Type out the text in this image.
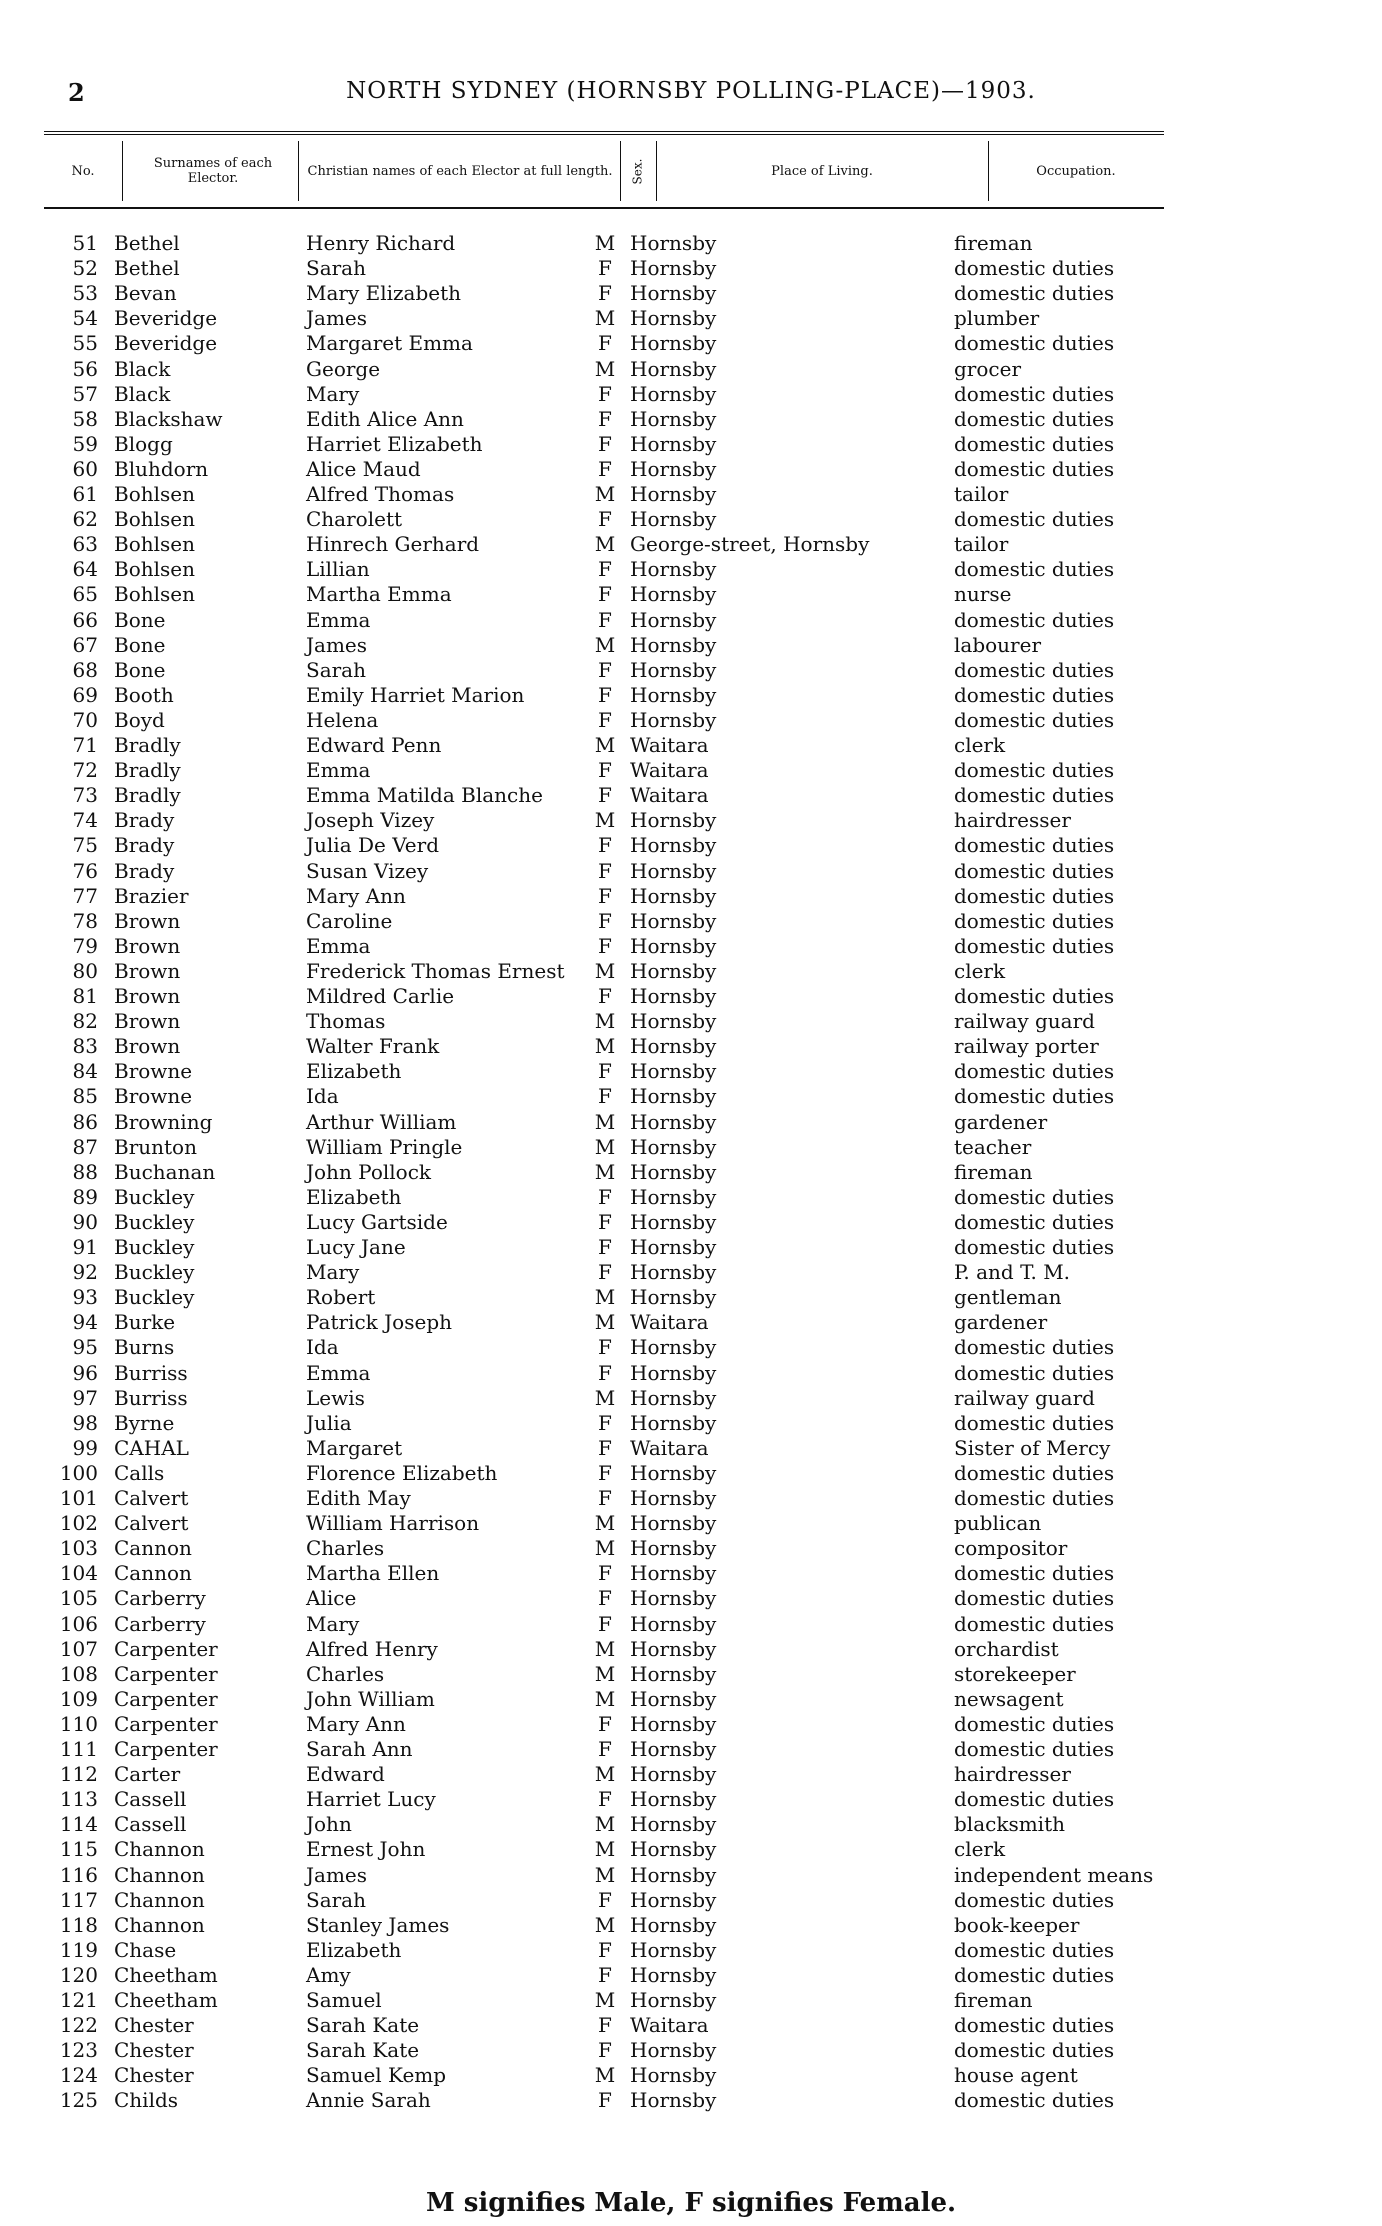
2	NORTH SYDNEY (HORNSBY POLLING-PLACE)—1903.
No.	Surnames of each Elector.	Christian names of each Elector at full length. Sex.	Place of Living.	Occupation.
51 Bethel	Henry Richard	M Hornsby	fireman
52 Bethel	Sarah	F Hornsby	domestic duties
53 Bevan	Mary Elizabeth	F Hornsby	domestic duties
54 Beveridge	James	M Hornsby	plumber
55 Beveridge	Margaret Emma	F Hornsby	domestic duties
56 Black	George	M Hornsby	grocer
57 Black	Mary	F Hornsby	domestic duties
58 Blackshaw	Edith Alice Ann	F Hornsby	domestic duties
59 Blogg	Harriet Elizabeth	F Hornsby	domestic duties
60 Bluhdorn	Alice Maud	F Hornsby	domestic duties
61 Bohlsen	Alfred Thomas	M Hornsby	tailor
62 Bohlsen	Charolett	F Hornsby	domestic duties
63 Bohlsen	Hinrech Gerhard	M George-street, Hornsby	tailor
64 Bohlsen	Lillian	F Hornsby	domestic duties
65 Bohlsen	Martha Emma	F Hornsby	nurse
66 Bone	Emma	F Hornsby	domestic duties
67 Bone	James	M Hornsby	labourer
68 Bone	Sarah	F Hornsby	domestic duties
69 Booth	Emily Harriet Marion	F Hornsby	domestic duties
70 Boyd	Helena	F Hornsby	domestic duties
71 Bradly	Edward Penn	M Waitara	clerk
72 Bradly	Emma	F Waitara	domestic duties
73 Bradly	Emma Matilda Blanche	F Waitara	domestic duties
74 Brady	Joseph Vizey	M Hornsby	hairdresser
75 Brady	Julia De Verd	F Hornsby	domestic duties
76 Brady	Susan Vizey	F Hornsby	domestic duties
77 Brazier	Mary Ann	F Hornsby	domestic duties
78 Brown	Caroline	F Hornsby	domestic duties
79 Brown	Emma	F Hornsby	domestic duties
80 Brown	Frederick Thomas Ernest M Hornsby	clerk
81 Brown	Mildred Carlie	F Hornsby	domestic duties
82 Brown	Thomas	M Hornsby	railway guard
83 Brown	Walter Frank	M Hornsby	railway porter
84 Browne	Elizabeth	F Hornsby	domestic duties
85 Browne	Ida	F Hornsby	domestic duties
86 Browning	Arthur William	M Hornsby	gardener
87 Brunton	William Pringle	M Hornsby	teacher
88 Buchanan	John Pollock	M Hornsby	fireman
89 Buckley	Elizabeth	F Hornsby	domestic duties
90 Buckley	Lucy Gartside	F Hornsby	domestic duties
91 Buckley	Lucy Jane	F Hornsby	domestic duties
92 Buckley	Mary	F Hornsby	P. and T. M.
93 Buckley	Robert	M Hornsby	gentleman
94 Burke	Patrick Joseph	M Waitara	gardener
95 Burns	Ida	F Hornsby	domestic duties
96 Burriss	Emma	F Hornsby	domestic duties
97 Burriss	Lewis	M Hornsby	railway guard
98 Byrne	Julia	F Hornsby	domestic duties
99 CAHAL	Margaret	F Waitara	Sister of Mercy
100 Calls	Florence Elizabeth	F Hornsby	domestic duties
101 Calvert	Edith May	F Hornsby	domestic duties
102 Calvert	William Harrison	M Hornsby	publican
103 Cannon	Charles	M Hornsby	compositor
104 Cannon	Martha Ellen	F Hornsby	domestic duties
105 Carberry	Alice	F Hornsby	domestic duties
106 Carberry	Mary	F Hornsby	domestic duties
107 Carpenter	Alfred Henry	M Hornsby	orchardist
108 Carpenter	Charles	M Hornsby	storekeeper
109 Carpenter	John William	M Hornsby	newsagent
110 Carpenter	Mary Ann	F Hornsby	domestic duties
111 Carpenter	Sarah Ann	F Hornsby	domestic duties
112 Carter	Edward	M Hornsby	hairdresser
113 Cassell	Harriet Lucy	F Hornsby	domestic duties
114 Cassell	John	M Hornsby	blacksmith
115 Channon	Ernest John	M Hornsby	clerk
116 Channon	James	M Hornsby	independent means
117 Channon	Sarah	F Hornsby	domestic duties
118 Channon	Stanley James	M Hornsby	book-keeper
119 Chase	Elizabeth	F Hornsby	domestic duties
120 Cheetham	Amy	F Hornsby	domestic duties
121 Cheetham	Samuel	M Hornsby	fireman
122 Chester	Sarah Kate	F Waitara	domestic duties
123 Chester	Sarah Kate	F Hornsby	domestic duties
124 Chester	Samuel Kemp	M Hornsby	house agent
125 Childs	Annie Sarah	F Hornsby	domestic duties
M signifies Male, F signifies Female.
